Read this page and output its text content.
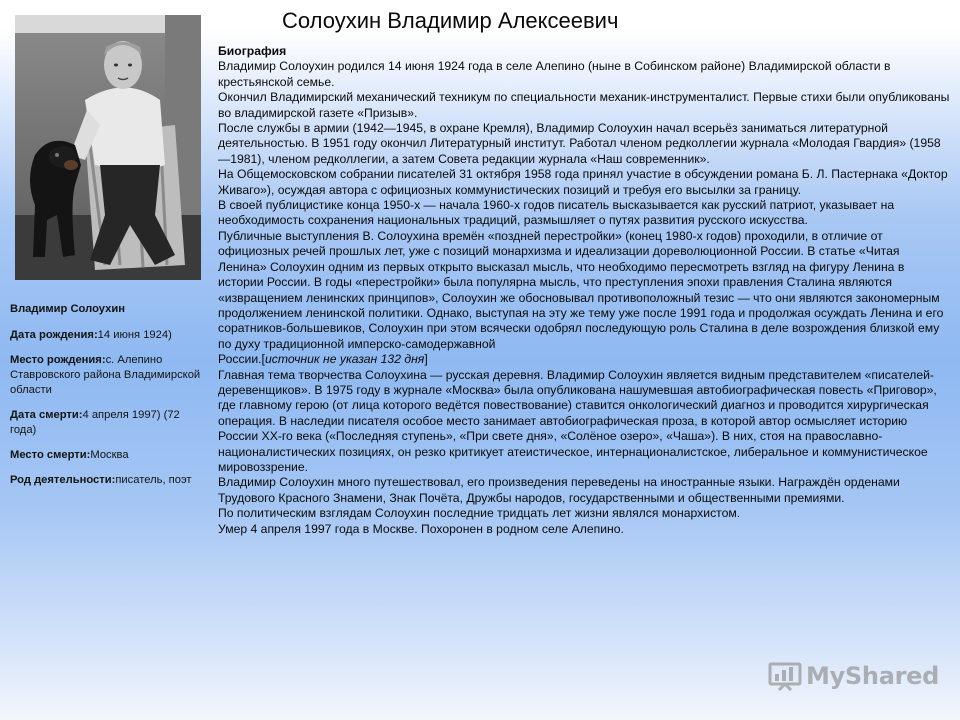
Солоухин Владимир Алексеевич
Владимир Солоухин
Дата рождения:14 июня 1924)
Место рождения:с. Алепино Ставровского района Владимирской области
Дата смерти:4 апреля 1997) (72 года)
Место смерти:Москва
Род деятельности:писатель, поэт

Биография

Владимир Солоухин родился 14 июня 1924 года в селе Алепино (ныне в Собинском районе) Владимирской области в крестьянской семье.

Окончил Владимирский механический техникум по специальности механик-инструменталист. Первые стихи были опубликованы во владимирской газете «Призыв».

После службы в армии (1942—1945, в охране Кремля), Владимир Солоухин начал всерьёз заниматься литературной деятельностью. В 1951 году окончил Литературный институт. Работал членом редколлегии журнала «Молодая Гвардия» (1958—1981), членом редколлегии, а затем Совета редакции журнала «Наш современник».

На Общемосковском собрании писателей 31 октября 1958 года принял участие в обсуждении романа Б. Л. Пастернака «Доктор Живаго»), осуждая автора с официозных коммунистических позиций и требуя его высылки за границу.

В своей публицистике конца 1950-х — начала 1960-х годов писатель высказывается как русский патриот, указывает на необходимость сохранения национальных традиций, размышляет о путях развития русского искусства.

Публичные выступления В. Солоухина времён «поздней перестройки» (конец 1980-х годов) проходили, в отличие от официозных речей прошлых лет, уже с позиций монархизма и идеализации дореволюционной России. В статье «Читая Ленина» Солоухин одним из первых открыто высказал мысль, что необходимо пересмотреть взгляд на фигуру Ленина в истории России. В годы «перестройки» была популярна мысль, что преступления эпохи правления Сталина являются «извращением ленинских принципов», Солоухин же обосновывал противоположный тезис — что они являются закономерным продолжением ленинской политики. Однако, выступая на эту же тему уже после 1991 года и продолжая осуждать Ленина и его соратников-большевиков, Солоухин при этом всячески одобрял последующую роль Сталина в деле возрождения близкой ему по духу традиционной имперско-самодержавной
России.[источник не указан 132 дня]

Главная тема творчества Солоухина — русская деревня. Владимир Солоухин является видным представителем «писателей-деревенщиков». В 1975 году в журнале «Москва» была опубликована нашумевшая автобиографическая повесть «Приговор», где главному герою (от лица которого ведётся повествование) ставится онкологический диагноз и проводится хирургическая операция. В наследии писателя особое место занимает автобиографическая проза, в которой автор осмысляет историю России XX-го века («Последняя ступень», «При свете дня», «Солёное озеро», «Чаша»). В них, стоя на православно-националистических позициях, он резко критикует атеистическое, интернационалистское, либеральное и коммунистическое мировоззрение.

Владимир Солоухин много путешествовал, его произведения переведены на иностранные языки. Награждён орденами Трудового Красного Знамени, Знак Почёта, Дружбы народов, государственными и общественными премиями.

По политическим взглядам Солоухин последние тридцать лет жизни являлся монархистом.

Умер 4 апреля 1997 года в Москве. Похоронен в родном селе Алепино.

MyShared
